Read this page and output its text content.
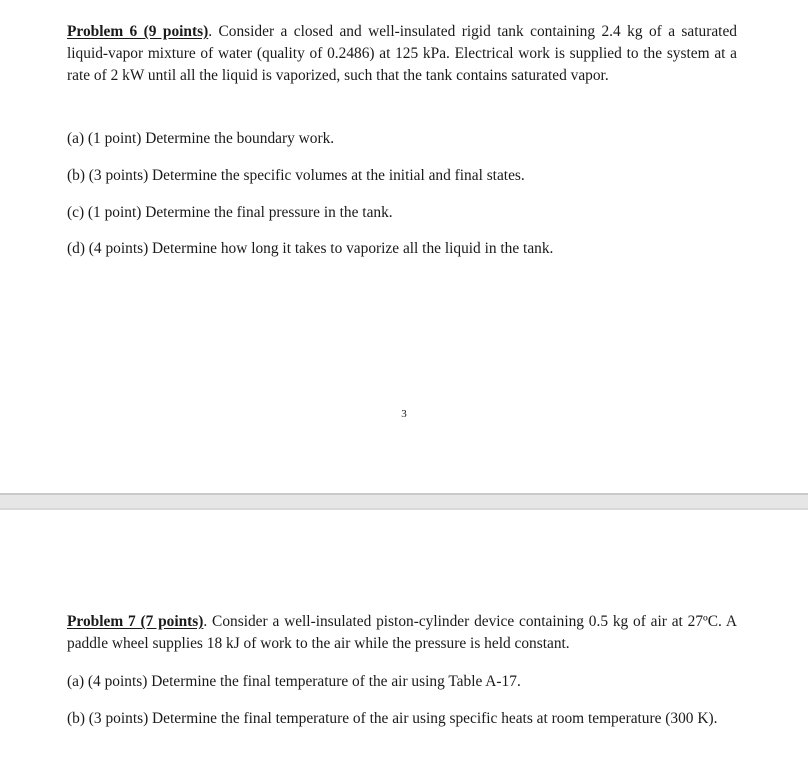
Problem 6 (9 points). Consider a closed and well-insulated rigid tank containing 2.4 kg of a saturated liquid-vapor mixture of water (quality of 0.2486) at 125 kPa. Electrical work is supplied to the system at a rate of 2 kW until all the liquid is vaporized, such that the tank contains saturated vapor.

(a) (1 point) Determine the boundary work.

(b) (3 points) Determine the specific volumes at the initial and final states.

(c) (1 point) Determine the final pressure in the tank.

(d) (4 points) Determine how long it takes to vaporize all the liquid in the tank.

3

Problem 7 (7 points). Consider a well-insulated piston-cylinder device containing 0.5 kg of air at 27ºC. A paddle wheel supplies 18 kJ of work to the air while the pressure is held constant.

(a) (4 points) Determine the final temperature of the air using Table A-17.

(b) (3 points) Determine the final temperature of the air using specific heats at room temperature (300 K).
